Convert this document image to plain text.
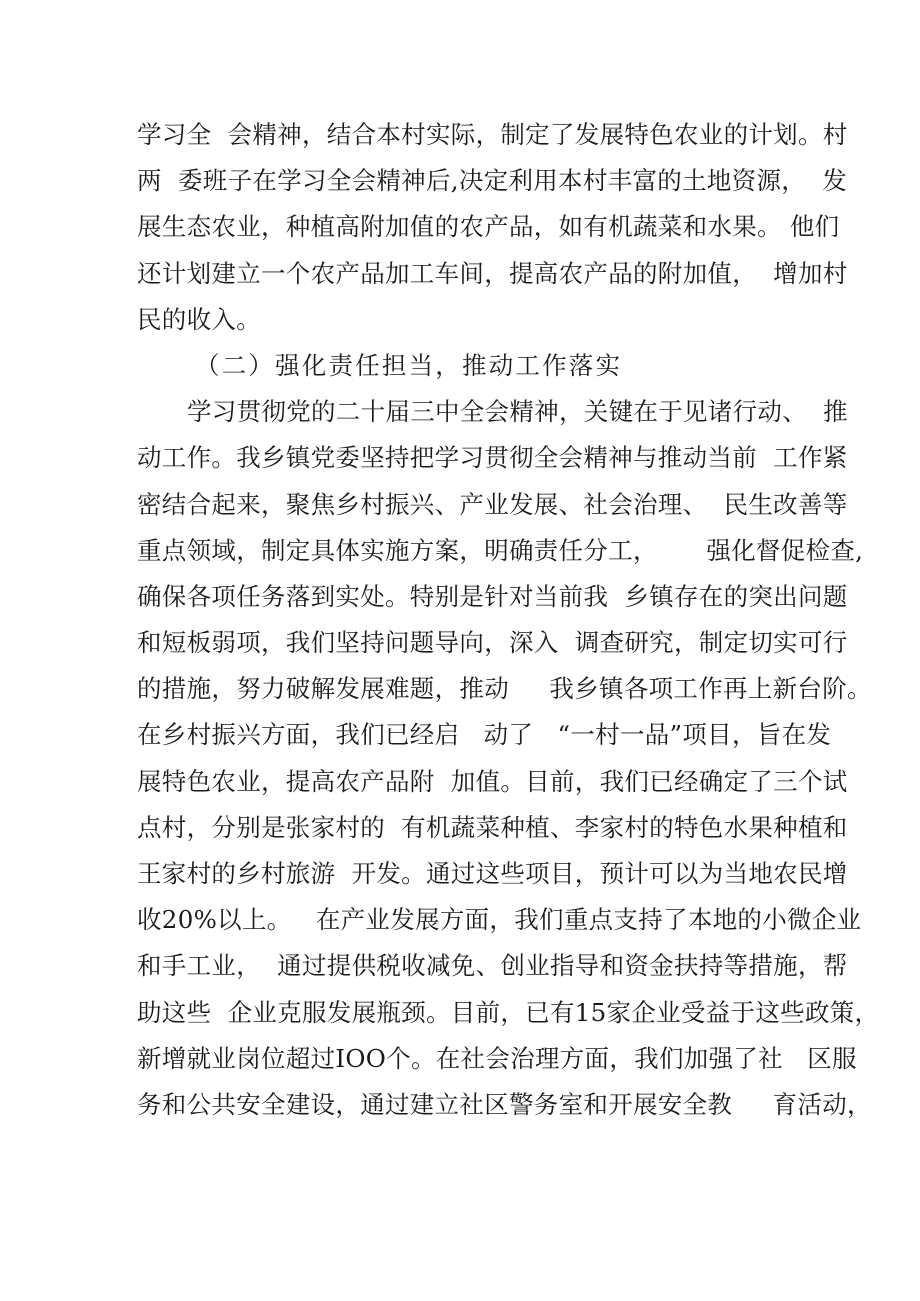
学习全  会精神，结合本村实际，制定了发展特色农业的计划。村
两  委班子在学习全会精神后,决定利用本村丰富的土地资源，  发
展生态农业，种植高附加值的农产品，如有机蔬菜和水果。 他们
还计划建立一个农产品加工车间，提高农产品的附加值，  增加村
民的收入。
（二）强化责任担当，推动工作落实
学习贯彻党的二十届三中全会精神，关键在于见诸行动、  推
动工作。我乡镇党委坚持把学习贯彻全会精神与推动当前  工作紧
密结合起来，聚焦乡村振兴、产业发展、社会治理、  民生改善等
重点领域，制定具体实施方案，明确责任分工，      强化督促检查,
确保各项任务落到实处。特别是针对当前我  乡镇存在的突出问题
和短板弱项，我们坚持问题导向，深入  调查研究，制定切实可行
的措施，努力破解发展难题，推动     我乡镇各项工作再上新台阶。
在乡村振兴方面，我们已经启   动了   “一村一品”项目，旨在发
展特色农业，提高农产品附  加值。目前，我们已经确定了三个试
点村，分别是张家村的  有机蔬菜种植、李家村的特色水果种植和
王家村的乡村旅游  开发。通过这些项目，预计可以为当地农民增
收20%以上。   在产业发展方面，我们重点支持了本地的小微企业
和手工业，  通过提供税收减免、创业指导和资金扶持等措施，帮
助这些  企业克服发展瓶颈。目前，已有15家企业受益于这些政策，
新增就业岗位超过IOO个。在社会治理方面，我们加强了社   区服
务和公共安全建设，通过建立社区警务室和开展安全教     育活动，
